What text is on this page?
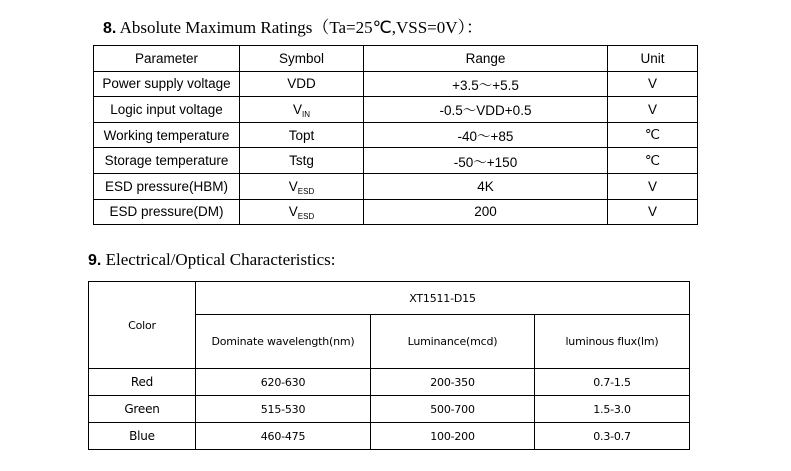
8. Absolute Maximum Ratings（Ta=25℃,VSS=0V）：
Parameter	Symbol	Range	Unit
Power supply voltage	VDD	+3.5～+5.5	V
Logic input voltage	$V_{IN}$	-0.5～VDD+0.5	V
Working temperature	Topt	-40～+85	℃
Storage temperature	Tstg	-50～+150	℃
ESD pressure(HBM)	$V_{ESD}$	4K	V
ESD pressure(DM)	$V_{ESD}$	200	V
9. Electrical/Optical Characteristics:
Color	XT1511-D15		
	Dominate wavelength(nm)	Luminance(mcd)	luminous flux(lm)
Red	620-630	200-350	0.7-1.5
Green	515-530	500-700	1.5-3.0
Blue	460-475	100-200	0.3-0.7
